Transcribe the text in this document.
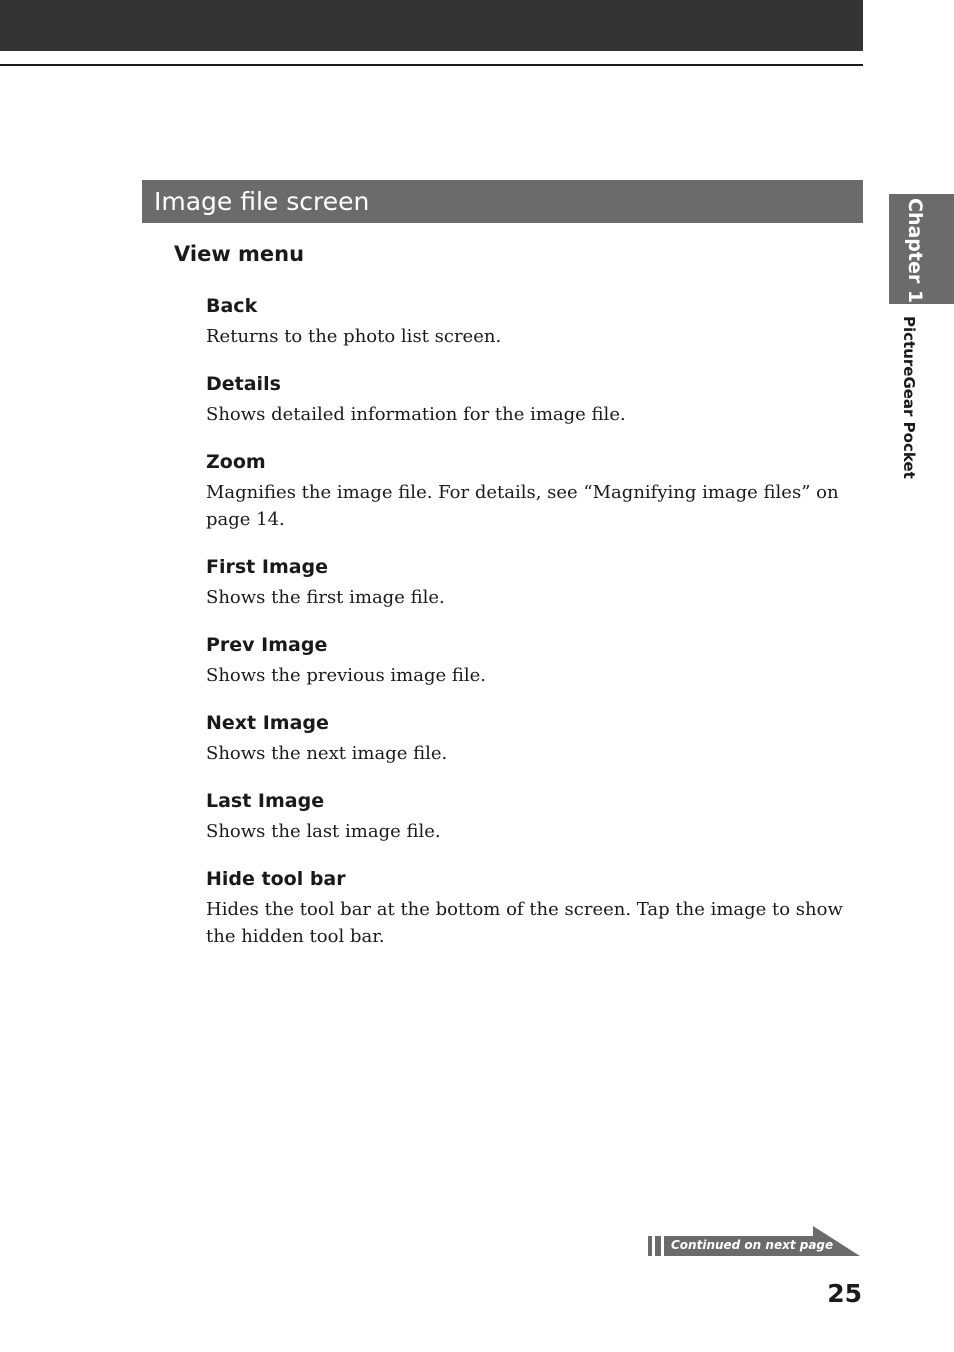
Image file screen
View menu
Back
Returns to the photo list screen.
Details
Shows detailed information for the image file.
Zoom
Magnifies the image file. For details, see “Magnifying image files” on page 14.
First Image
Shows the first image file.
Prev Image
Shows the previous image file.
Next Image
Shows the next image file.
Last Image
Shows the last image file.
Hide tool bar
Hides the tool bar at the bottom of the screen. Tap the image to show the hidden tool bar.
Chapter 1
PictureGear Pocket
Continued on next page
25
